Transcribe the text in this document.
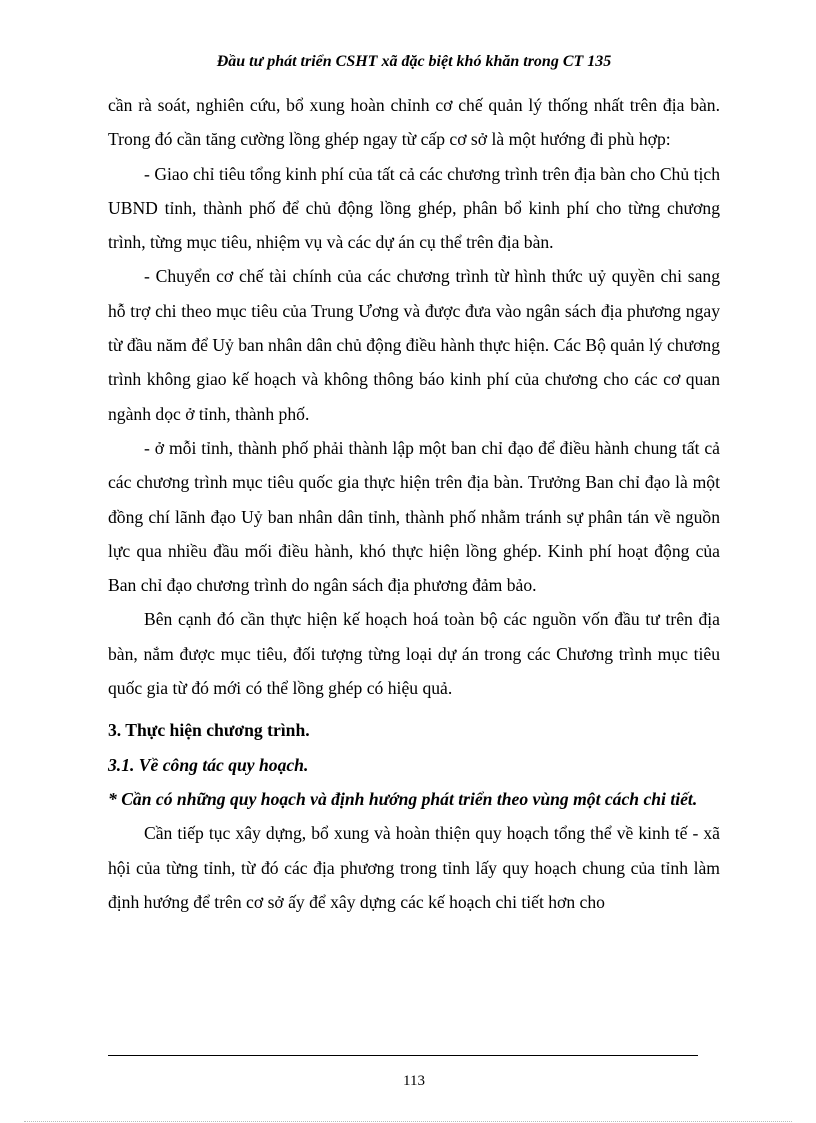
Đầu tư phát triển CSHT xã đặc biệt khó khăn trong CT 135

cần rà soát, nghiên cứu, bổ xung hoàn chỉnh cơ chế quản lý thống nhất trên địa bàn. Trong đó cần tăng cường lồng ghép ngay từ cấp cơ sở là một hướng đi phù hợp:

- Giao chỉ tiêu tổng kinh phí của tất cả các chương trình trên địa bàn cho Chủ tịch UBND tỉnh, thành phố để chủ động lồng ghép, phân bổ kinh phí cho từng chương trình, từng mục tiêu, nhiệm vụ và các dự án cụ thể trên địa bàn.

- Chuyển cơ chế tài chính của các chương trình từ hình thức uỷ quyền chi sang hỗ trợ chi theo mục tiêu của Trung Ương và được đưa vào ngân sách địa phương ngay từ đầu năm để Uỷ ban nhân dân chủ động điều hành thực hiện. Các Bộ quản lý chương trình không giao kế hoạch và không thông báo kinh phí của chương cho các cơ quan ngành dọc ở tỉnh, thành phố.

- ở mỗi tỉnh, thành phố phải thành lập một ban chỉ đạo để điều hành chung tất cả các chương trình mục tiêu quốc gia thực hiện trên địa bàn. Trưởng Ban chỉ đạo là một đồng chí lãnh đạo Uỷ ban nhân dân tỉnh, thành phố nhằm tránh sự phân tán về nguồn lực qua nhiều đầu mối điều hành, khó thực hiện lồng ghép. Kinh phí hoạt động của Ban chỉ đạo chương trình do ngân sách địa phương đảm bảo.

Bên cạnh đó cần thực hiện kế hoạch hoá toàn bộ các nguồn vốn đầu tư trên địa bàn, nắm được mục tiêu, đối tượng từng loại dự án trong các Chương trình mục tiêu quốc gia từ đó mới có thể lồng ghép có hiệu quả.

3. Thực hiện chương trình.

3.1. Về công tác quy hoạch.

* Cần có những quy hoạch và định hướng phát triển theo vùng một cách chi tiết.

Cần tiếp tục xây dựng, bổ xung và hoàn thiện quy hoạch tổng thể về kinh tế - xã hội của từng tỉnh, từ đó các địa phương trong tỉnh lấy quy hoạch chung của tỉnh làm định hướng để trên cơ sở ấy để xây dựng các kế hoạch chi tiết hơn cho

113
